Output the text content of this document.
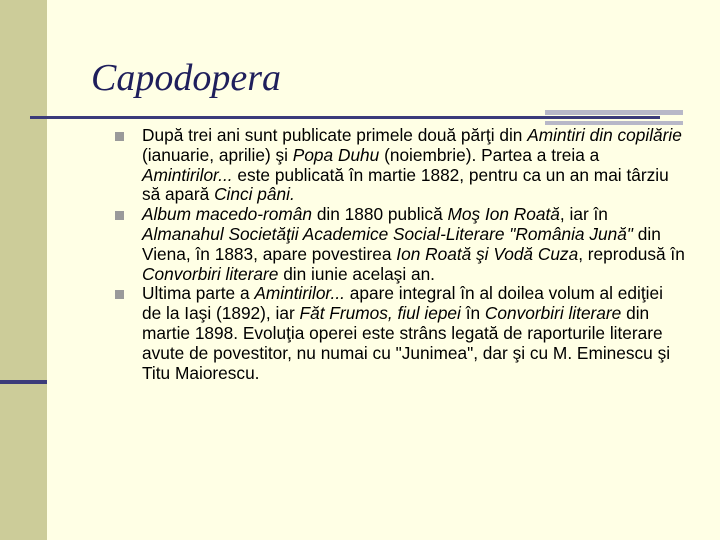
Capodopera
După trei ani sunt publicate primele două părţi din Amintiri din copilărie (ianuarie, aprilie) şi Popa Duhu (noiembrie). Partea a treia a Amintirilor... este publicată în martie 1882, pentru ca un an mai târziu să apară Cinci pâni.
Album macedo-român din 1880 publică Moş Ion Roată, iar în Almanahul Societăţii Academice Social-Literare "România Jună" din Viena, în 1883, apare povestirea Ion Roată şi Vodă Cuza, reprodusă în Convorbiri literare din iunie acelaşi an.
Ultima parte a Amintirilor... apare integral în al doilea volum al ediţiei de la Iaşi (1892), iar Făt Frumos, fiul iepei în Convorbiri literare din martie 1898. Evoluţia operei este strâns legată de raporturile literare avute de povestitor, nu numai cu "Junimea", dar şi cu M. Eminescu şi Titu Maiorescu.
